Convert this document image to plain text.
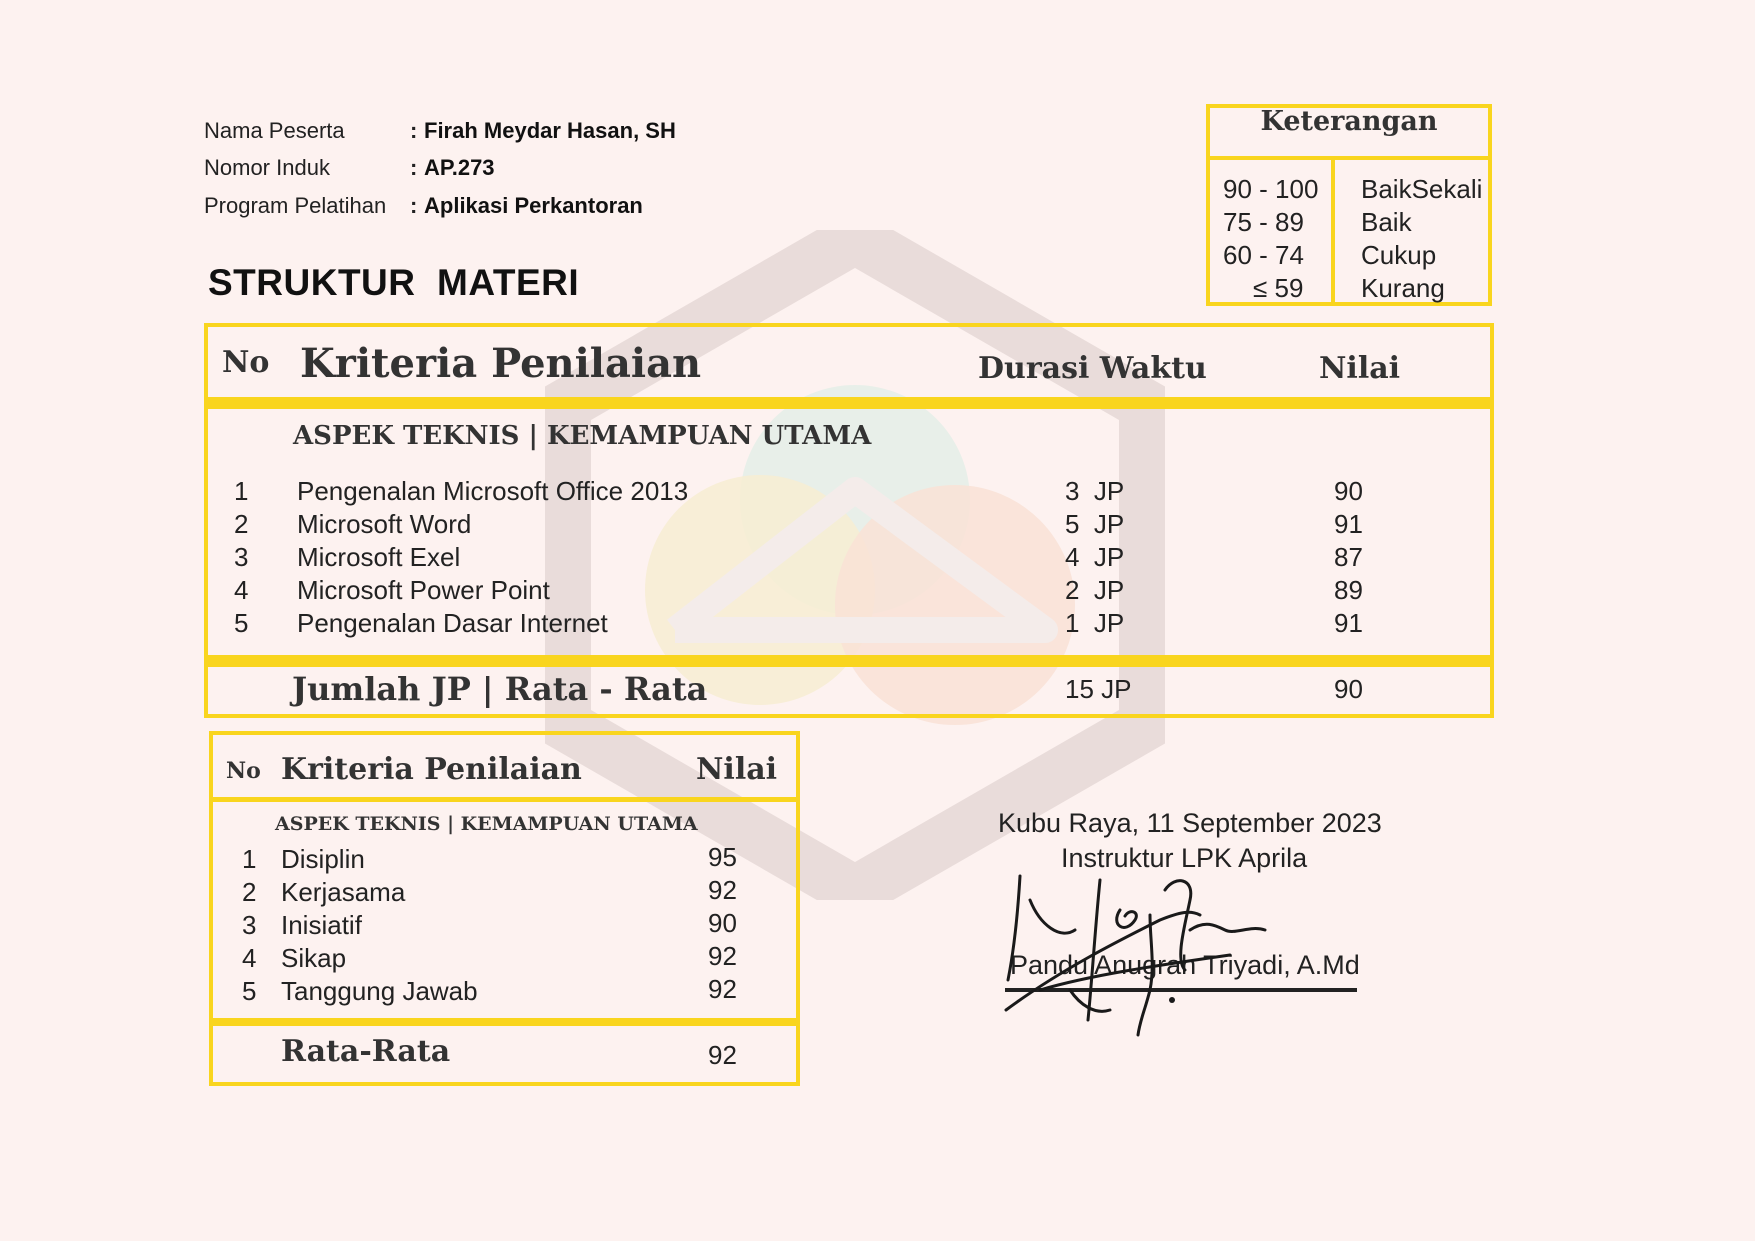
Nama Peserta	: Firah Meydar Hasan, SH
Nomor Induk	: AP.273
Program Pelatihan : Aplikasi Perkantoran
STRUKTUR  MATERI
Keterangan
90 - 100 BaikSekali
75 - 89 Baik
60 - 74 Cukup
≤ 59 Kurang
No Kriteria Penilaian	Durasi Waktu	Nilai
ASPEK TEKNIS | KEMAMPUAN UTAMA
1 Pengenalan Microsoft Office 2013	3  JP	90
2 Microsoft Word	5  JP	91
3 Microsoft Exel	4  JP	87
4 Microsoft Power Point	2  JP	89
5 Pengenalan Dasar Internet	1  JP	91
Jumlah JP | Rata - Rata	15 JP	90
No Kriteria Penilaian	Nilai
ASPEK TEKNIS | KEMAMPUAN UTAMA
1 Disiplin	95
2 Kerjasama	92
3 Inisiatif	90
4 Sikap	92
5 Tanggung Jawab	92
Rata-Rata	92
Kubu Raya, 11 September 2023
Instruktur LPK Aprila
Pandu Anugrah Triyadi, A.Md
